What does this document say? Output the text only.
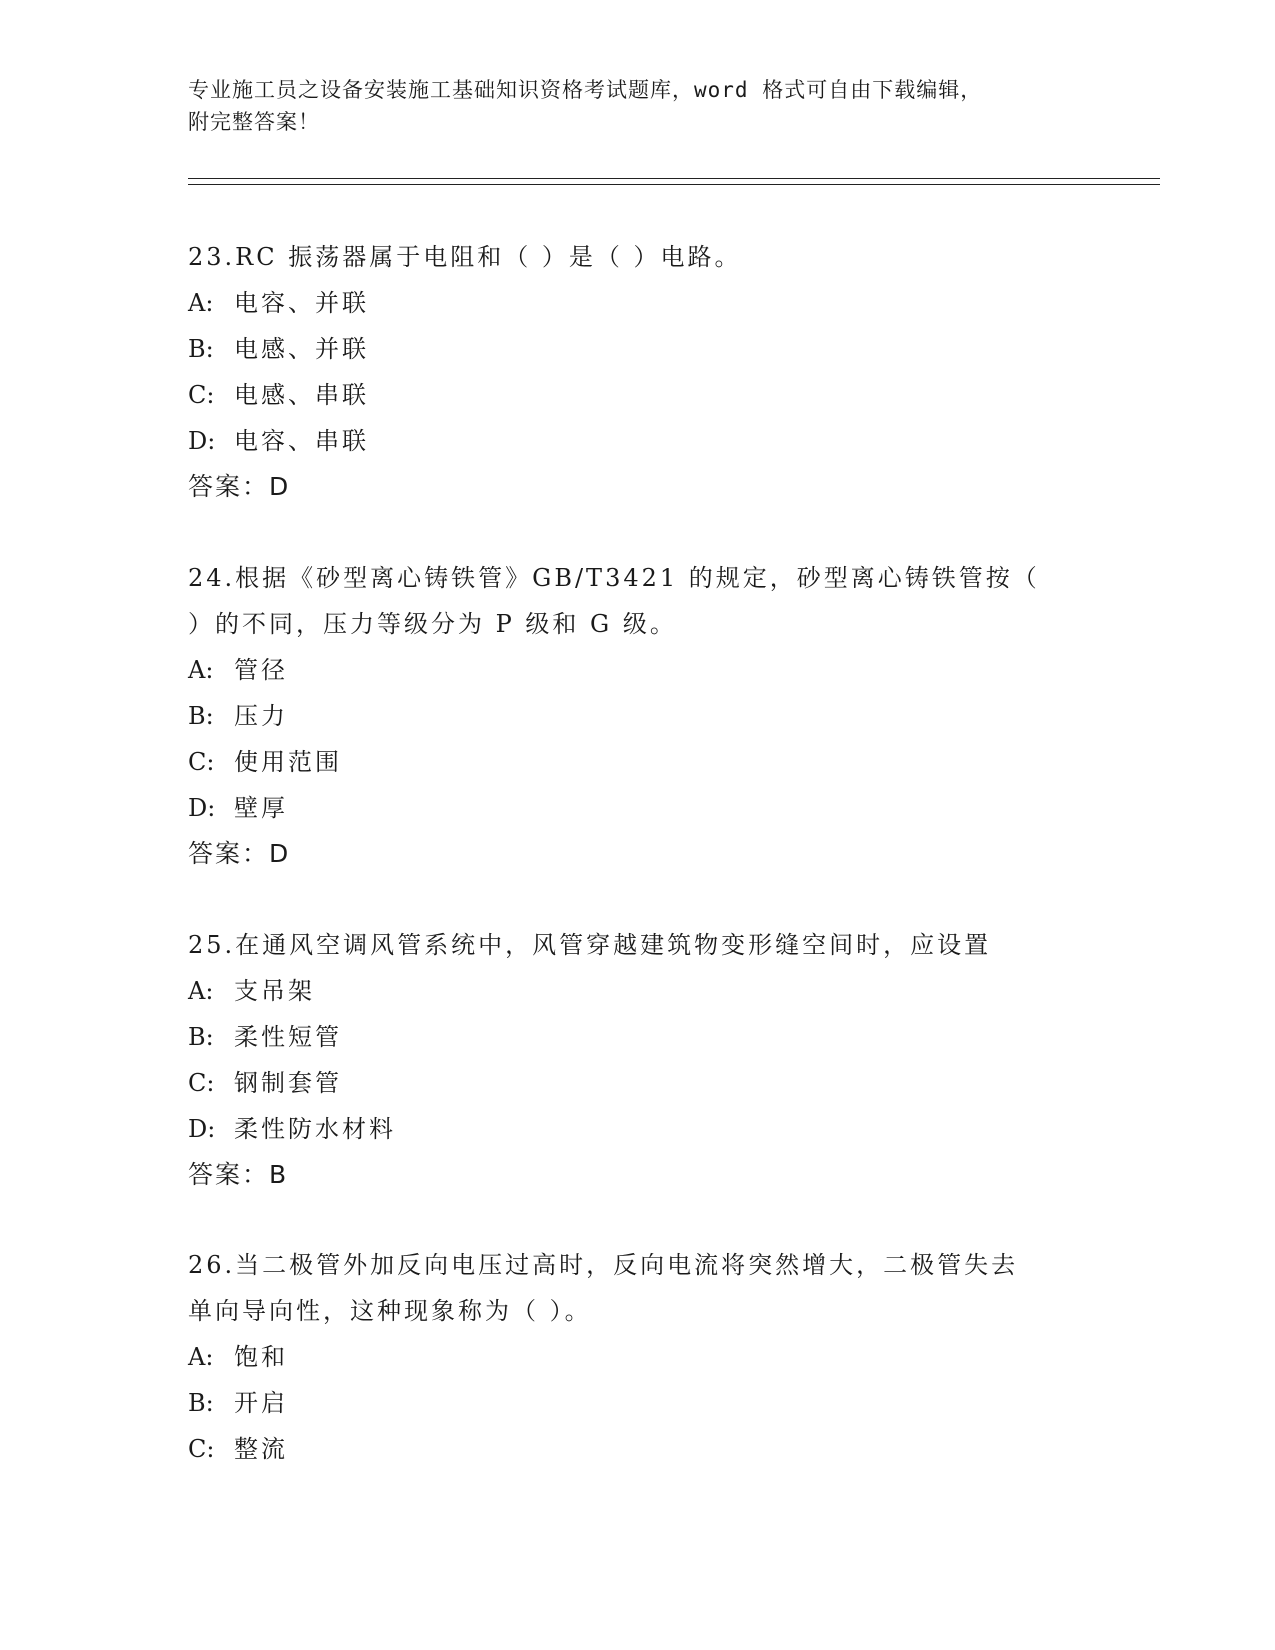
专业施工员之设备安装施工基础知识资格考试题库，word 格式可自由下载编辑，
附完整答案！

23.RC 振荡器属于电阻和（ ）是（ ）电路。

A: 电容、并联

B: 电感、并联

C: 电感、串联

D: 电容、串联

答案：D

24.根据《砂型离心铸铁管》GB/T3421 的规定，砂型离心铸铁管按（
）的不同，压力等级分为 P 级和 G 级。

A: 管径

B: 压力

C: 使用范围

D: 壁厚

答案：D

25.在通风空调风管系统中，风管穿越建筑物变形缝空间时，应设置

A: 支吊架

B: 柔性短管

C: 钢制套管

D: 柔性防水材料

答案：B

26.当二极管外加反向电压过高时，反向电流将突然增大，二极管失去
单向导向性，这种现象称为（ ）。

A: 饱和

B: 开启

C: 整流
